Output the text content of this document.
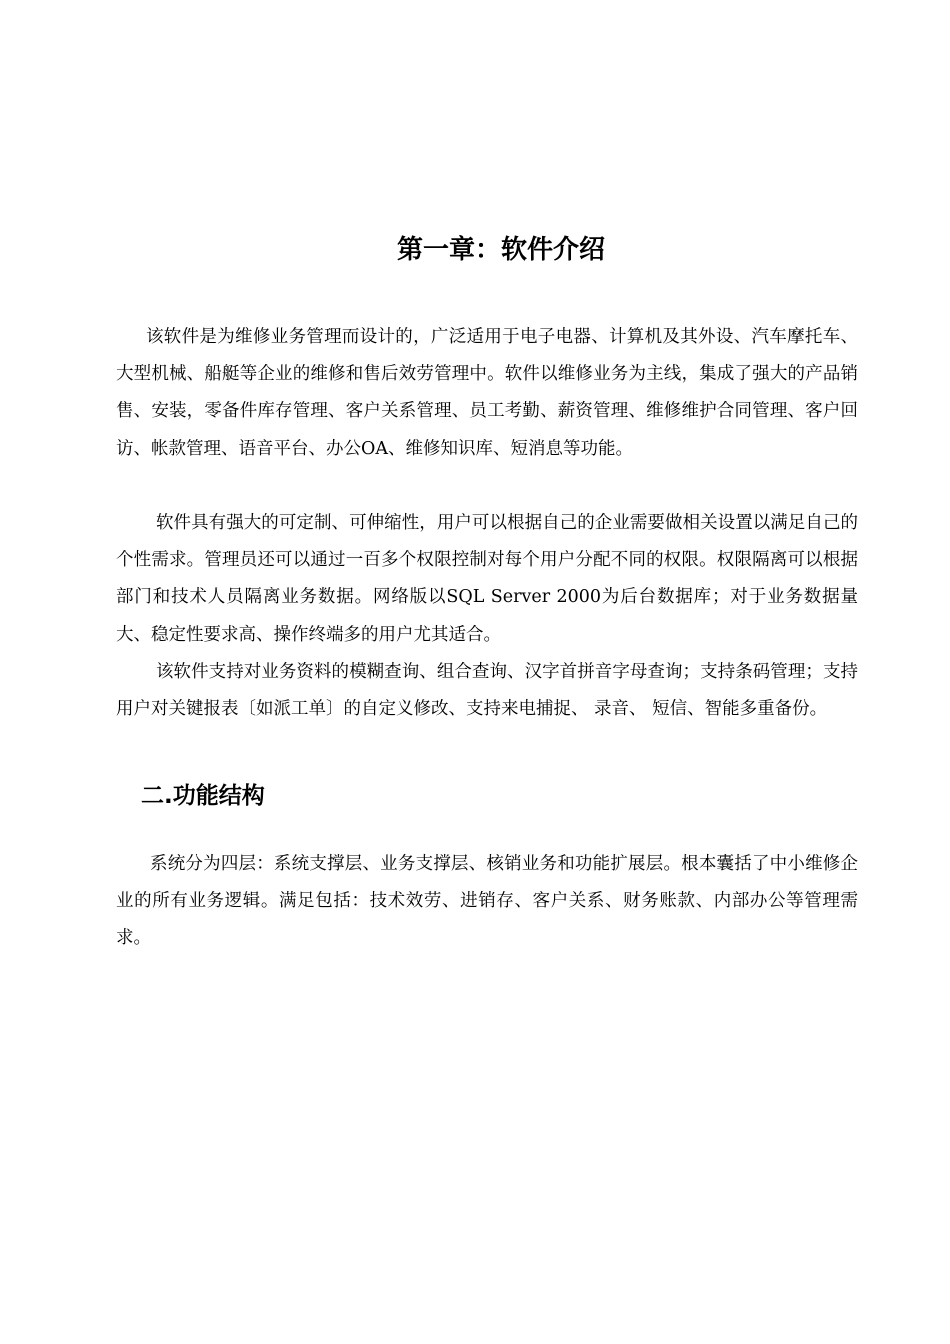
第一章：软件介绍

该软件是为维修业务管理而设计的，广泛适用于电子电器、计算机及其外设、汽车摩托车、大型机械、船艇等企业的维修和售后效劳管理中。软件以维修业务为主线，集成了强大的产品销售、安装，零备件库存管理、客户关系管理、员工考勤、薪资管理、维修维护合同管理、客户回访、帐款管理、语音平台、办公OA、维修知识库、短消息等功能。

软件具有强大的可定制、可伸缩性，用户可以根据自己的企业需要做相关设置以满足自己的个性需求。管理员还可以通过一百多个权限控制对每个用户分配不同的权限。权限隔离可以根据部门和技术人员隔离业务数据。网络版以SQL Server 2000为后台数据库；对于业务数据量大、稳定性要求高、操作终端多的用户尤其适合。

该软件支持对业务资料的模糊查询、组合查询、汉字首拼音字母查询；支持条码管理；支持用户对关键报表〔如派工单〕的自定义修改、支持来电捕捉、 录音、 短信、智能多重备份。

二.功能结构

系统分为四层：系统支撑层、业务支撑层、核销业务和功能扩展层。根本囊括了中小维修企业的所有业务逻辑。满足包括：技术效劳、进销存、客户关系、财务账款、内部办公等管理需求。
